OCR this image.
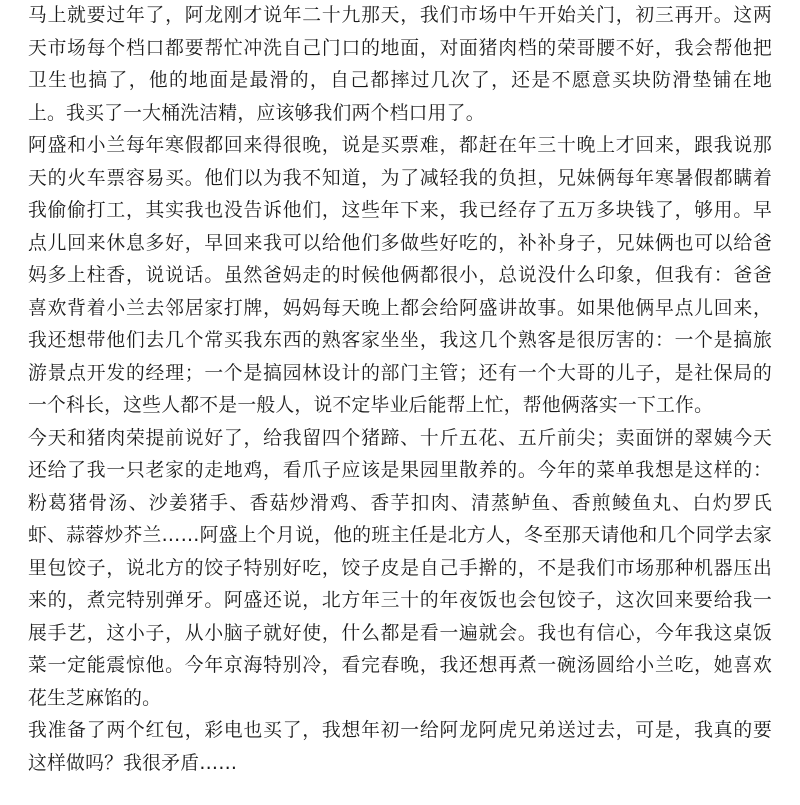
马上就要过年了，阿龙刚才说年二十九那天，我们市场中午开始关门，初三再开。这两
天市场每个档口都要帮忙冲洗自己门口的地面，对面猪肉档的荣哥腰不好，我会帮他把
卫生也搞了，他的地面是最滑的，自己都摔过几次了，还是不愿意买块防滑垫铺在地
上。我买了一大桶洗洁精，应该够我们两个档口用了。
阿盛和小兰每年寒假都回来得很晚，说是买票难，都赶在年三十晚上才回来，跟我说那
天的火车票容易买。他们以为我不知道，为了减轻我的负担，兄妹俩每年寒暑假都瞒着
我偷偷打工，其实我也没告诉他们，这些年下来，我已经存了五万多块钱了，够用。早
点儿回来休息多好，早回来我可以给他们多做些好吃的，补补身子，兄妹俩也可以给爸
妈多上柱香，说说话。虽然爸妈走的时候他俩都很小，总说没什么印象，但我有：爸爸
喜欢背着小兰去邻居家打牌，妈妈每天晚上都会给阿盛讲故事。如果他俩早点儿回来，
我还想带他们去几个常买我东西的熟客家坐坐，我这几个熟客是很厉害的：一个是搞旅
游景点开发的经理；一个是搞园林设计的部门主管；还有一个大哥的儿子，是社保局的
一个科长，这些人都不是一般人，说不定毕业后能帮上忙，帮他俩落实一下工作。
今天和猪肉荣提前说好了，给我留四个猪蹄、十斤五花、五斤前尖；卖面饼的翠姨今天
还给了我一只老家的走地鸡，看爪子应该是果园里散养的。今年的菜单我想是这样的：
粉葛猪骨汤、沙姜猪手、香菇炒滑鸡、香芋扣肉、清蒸鲈鱼、香煎鲮鱼丸、白灼罗氏
虾、蒜蓉炒芥兰……阿盛上个月说，他的班主任是北方人，冬至那天请他和几个同学去家
里包饺子，说北方的饺子特别好吃，饺子皮是自己手擀的，不是我们市场那种机器压出
来的，煮完特别弹牙。阿盛还说，北方年三十的年夜饭也会包饺子，这次回来要给我一
展手艺，这小子，从小脑子就好使，什么都是看一遍就会。我也有信心，今年我这桌饭
菜一定能震惊他。今年京海特别冷，看完春晚，我还想再煮一碗汤圆给小兰吃，她喜欢
花生芝麻馅的。
我准备了两个红包，彩电也买了，我想年初一给阿龙阿虎兄弟送过去，可是，我真的要
这样做吗？我很矛盾……
